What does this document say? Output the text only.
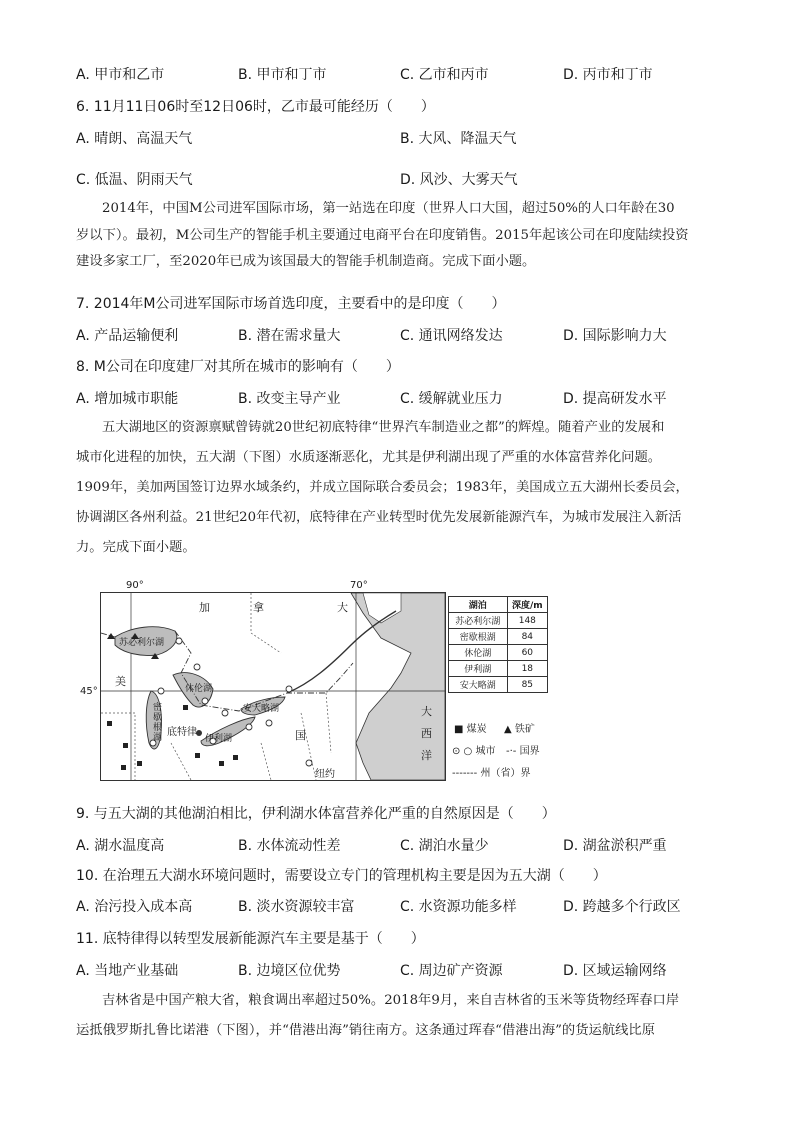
A. 甲市和乙市	B. 甲市和丁市	C. 乙市和丙市	D. 丙市和丁市
6. 11月11日06时至12日06时，乙市最可能经历（　　）
A. 晴朗、高温天气	B. 大风、降温天气
C. 低温、阴雨天气	D. 风沙、大雾天气

2014年，中国M公司进军国际市场，第一站选在印度（世界人口大国，超过50%的人口年龄在30

岁以下）。最初，M公司生产的智能手机主要通过电商平台在印度销售。2015年起该公司在印度陆续投资

建设多家工厂，至2020年已成为该国最大的智能手机制造商。完成下面小题。

7. 2014年M公司进军国际市场首选印度，主要看中的是印度（　　）
A. 产品运输便利	B. 潜在需求量大	C. 通讯网络发达	D. 国际影响力大
8. M公司在印度建厂对其所在城市的影响有（　　）
A. 增加城市职能	B. 改变主导产业	C. 缓解就业压力	D. 提高研发水平

五大湖地区的资源禀赋曾铸就20世纪初底特律“世界汽车制造业之都”的辉煌。随着产业的发展和

城市化进程的加快，五大湖（下图）水质逐渐恶化，尤其是伊利湖出现了严重的水体富营养化问题。

1909年，美加两国签订边界水域条约，并成立国际联合委员会；1983年，美国成立五大湖州长委员会，

协调湖区各州利益。21世纪20年代初，底特律在产业转型时优先发展新能源汽车，为城市发展注入新活

力。完成下面小题。

90°	70°
45°
加	拿	大
美
国
大
西
洋
苏必利尔湖
密歇根湖
休伦湖
安大略湖
伊利湖
底特律
纽约
湖泊	深度/m
苏必利尔湖	148
密歇根湖	84
休伦湖	60
伊利湖	18
安大略湖	85
■ 煤炭 ▲ 铁矿
⊙ ○ 城市 -·- 国界
------- 州（省）界
9. 与五大湖的其他湖泊相比，伊利湖水体富营养化严重的自然原因是（　　）
A. 湖水温度高	B. 水体流动性差	C. 湖泊水量少	D. 湖盆淤积严重
10. 在治理五大湖水环境问题时，需要设立专门的管理机构主要是因为五大湖（　　）
A. 治污投入成本高	B. 淡水资源较丰富	C. 水资源功能多样	D. 跨越多个行政区
11. 底特律得以转型发展新能源汽车主要是基于（　　）
A. 当地产业基础	B. 边境区位优势	C. 周边矿产资源	D. 区域运输网络

吉林省是中国产粮大省，粮食调出率超过50%。2018年9月，来自吉林省的玉米等货物经珲春口岸

运抵俄罗斯扎鲁比诺港（下图），并“借港出海”销往南方。这条通过珲春“借港出海”的货运航线比原
